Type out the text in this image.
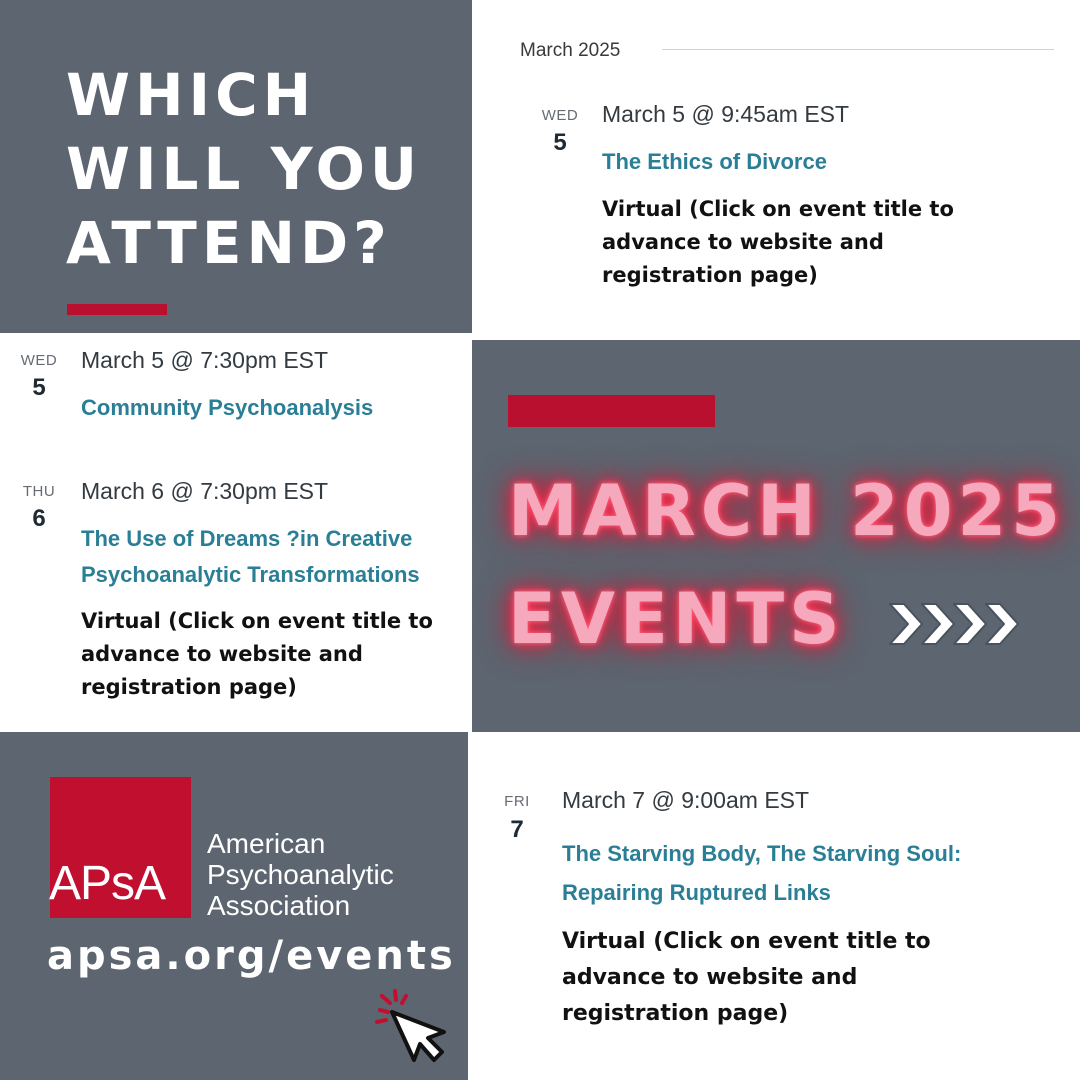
WHICH
WILL YOU
ATTEND?
March 2025
WED
5
March 5 @ 9:45am EST
The Ethics of Divorce
Virtual (Click on event title to
advance to website and
registration page)
WED
5
March 5 @ 7:30pm EST
Community Psychoanalysis
THU
6
March 6 @ 7:30pm EST
The Use of Dreams ?in Creative
Psychoanalytic Transformations
Virtual (Click on event title to
advance to website and
registration page)
MARCH 2025
EVENTS
APsA
American
Psychoanalytic
Association
apsa.org/events
FRI
7
March 7 @ 9:00am EST
The Starving Body, The Starving Soul:
Repairing Ruptured Links
Virtual (Click on event title to
advance to website and
registration page)
